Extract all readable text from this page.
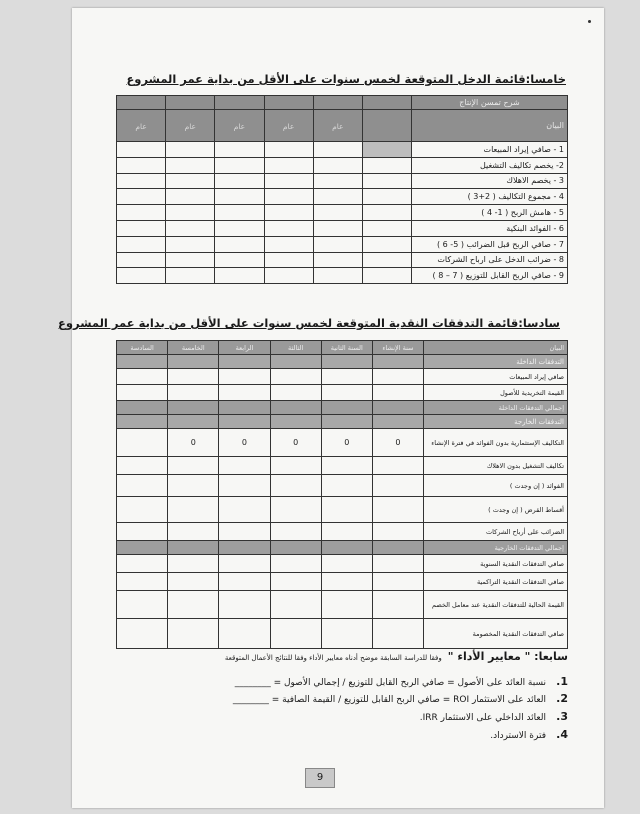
خامسا:قائمة الدخل المتوقعة لخمس سنوات على الأقل من بداية عمر المشروع
شرح تمسن الإنتاج						
البيان		عام	عام	عام	عام	عام
1 - صافي إيراد المبيعات						
2- يخصم تكاليف التشغيل						
3 - يخصم الاهلاك						
4 - مجموع التكاليف ( 2+3 )						
5 - هامش الربح ( 1- 4 )						
6 - الفوائد البنكية						
7 - صافي الربح قبل الضرائب ( 5- 6 )						
8 - ضرائب الدخل على ارباح الشركات						
9 - صافي الربح القابل للتوزيع ( 7 – 8 )						
سادسا:قائمة التدفقات النقدية المتوقعة لخمس سنوات على الأقل من بداية عمر المشروع
البيان	سنة الإنشاء	السنة الثانية	الثالثة	الرابعة	الخامسة	السادسة
التدفقات الداخلة						
صافي إيراد المبيعات						
القيمة التخريدية للأصول						
إجمالي التدفقات الداخلة						
التدفقات الخارجة						
التكاليف الإستثمارية بدون الفوائد في فترة الإنشاء	0	0	0	0	0	
تكاليف التشغيل بدون الاهلاك						
الفوائد ( إن وجدت )						
أقساط القرض ( إن وجدت )						
الضرائب على أرباح الشركات						
إجمالي التدفقات الخارجية						
صافي التدفقات النقدية السنوية						
صافي التدفقات النقدية التراكمية						
القيمة الحالية للتدفقات النقدية عند معامل الخصم						
صافي التدفقات النقدية المخصومة						
سابعا: " معايير الأداء "وفقا للدراسة السابقة موضح أدناه معايير الأداء وفقا للنتائج الأعمال المتوقعة
1.نسبة العائد على الأصول = صافي الربح القابل للتوزيع / إجمالي الأصول = ________
2.العائد على الاستثمار ROI = صافي الربح القابل للتوزيع / القيمة الصافية = ________
3.العائد الداخلي على الاستثمار IRR.
4.فترة الاسترداد.
9
